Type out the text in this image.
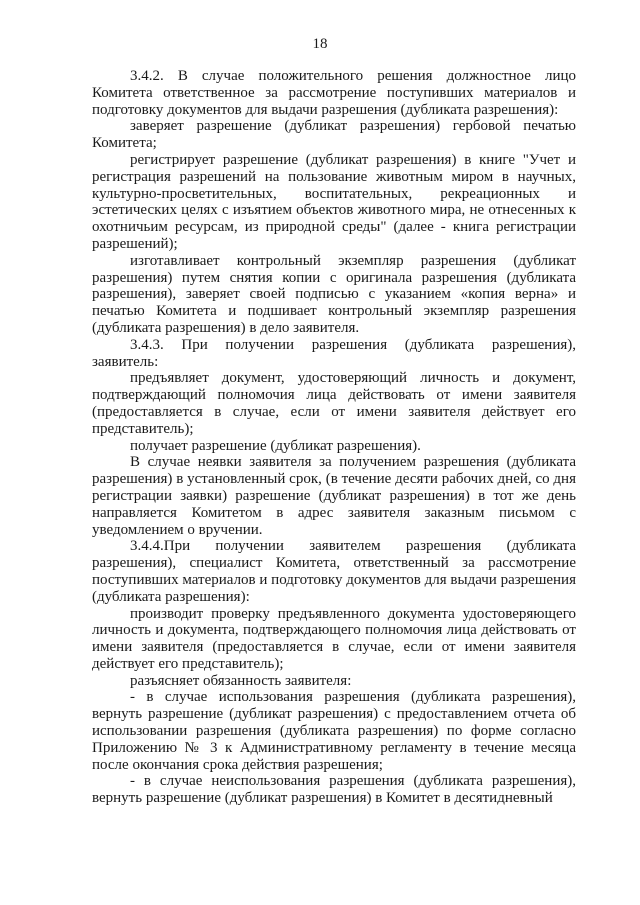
18

3.4.2. В случае положительного решения должностное лицо Комитета ответственное за рассмотрение поступивших материалов и подготовку документов для выдачи разрешения (дубликата разрешения):

заверяет разрешение (дубликат разрешения) гербовой печатью Комитета;

регистрирует разрешение (дубликат разрешения) в книге "Учет и регистрация разрешений на пользование животным миром в научных, культурно-просветительных, воспитательных, рекреационных и эстетических целях с изъятием объектов животного мира, не отнесенных к охотничьим ресурсам, из природной среды" (далее - книга регистрации разрешений);

изготавливает контрольный экземпляр разрешения (дубликат разрешения) путем снятия копии с оригинала разрешения (дубликата разрешения), заверяет своей подписью с указанием «копия верна» и печатью Комитета и подшивает контрольный экземпляр разрешения (дубликата разрешения) в дело заявителя.

3.4.3. При получении разрешения (дубликата разрешения), заявитель:

предъявляет документ, удостоверяющий личность и документ, подтверждающий полномочия лица действовать от имени заявителя (предоставляется в случае, если от имени заявителя действует его представитель);

получает разрешение (дубликат разрешения).

В случае неявки заявителя за получением разрешения (дубликата разрешения) в установленный срок, (в течение десяти рабочих дней, со дня регистрации заявки) разрешение (дубликат разрешения) в тот же день направляется Комитетом в адрес заявителя заказным письмом с уведомлением о вручении.

3.4.4.При получении заявителем разрешения (дубликата разрешения), специалист Комитета, ответственный за рассмотрение поступивших материалов и подготовку документов для выдачи разрешения (дубликата разрешения):

производит проверку предъявленного документа удостоверяющего личность и документа, подтверждающего полномочия лица действовать от имени заявителя (предоставляется в случае, если от имени заявителя действует его представитель);

разъясняет обязанность заявителя:

- в случае использования разрешения (дубликата разрешения), вернуть разрешение (дубликат разрешения) с предоставлением отчета об использовании разрешения (дубликата разрешения) по форме согласно Приложению № 3 к Административному регламенту в течение месяца после окончания срока действия разрешения;

- в случае неиспользования разрешения (дубликата разрешения), вернуть разрешение (дубликат разрешения) в Комитет в десятидневный
